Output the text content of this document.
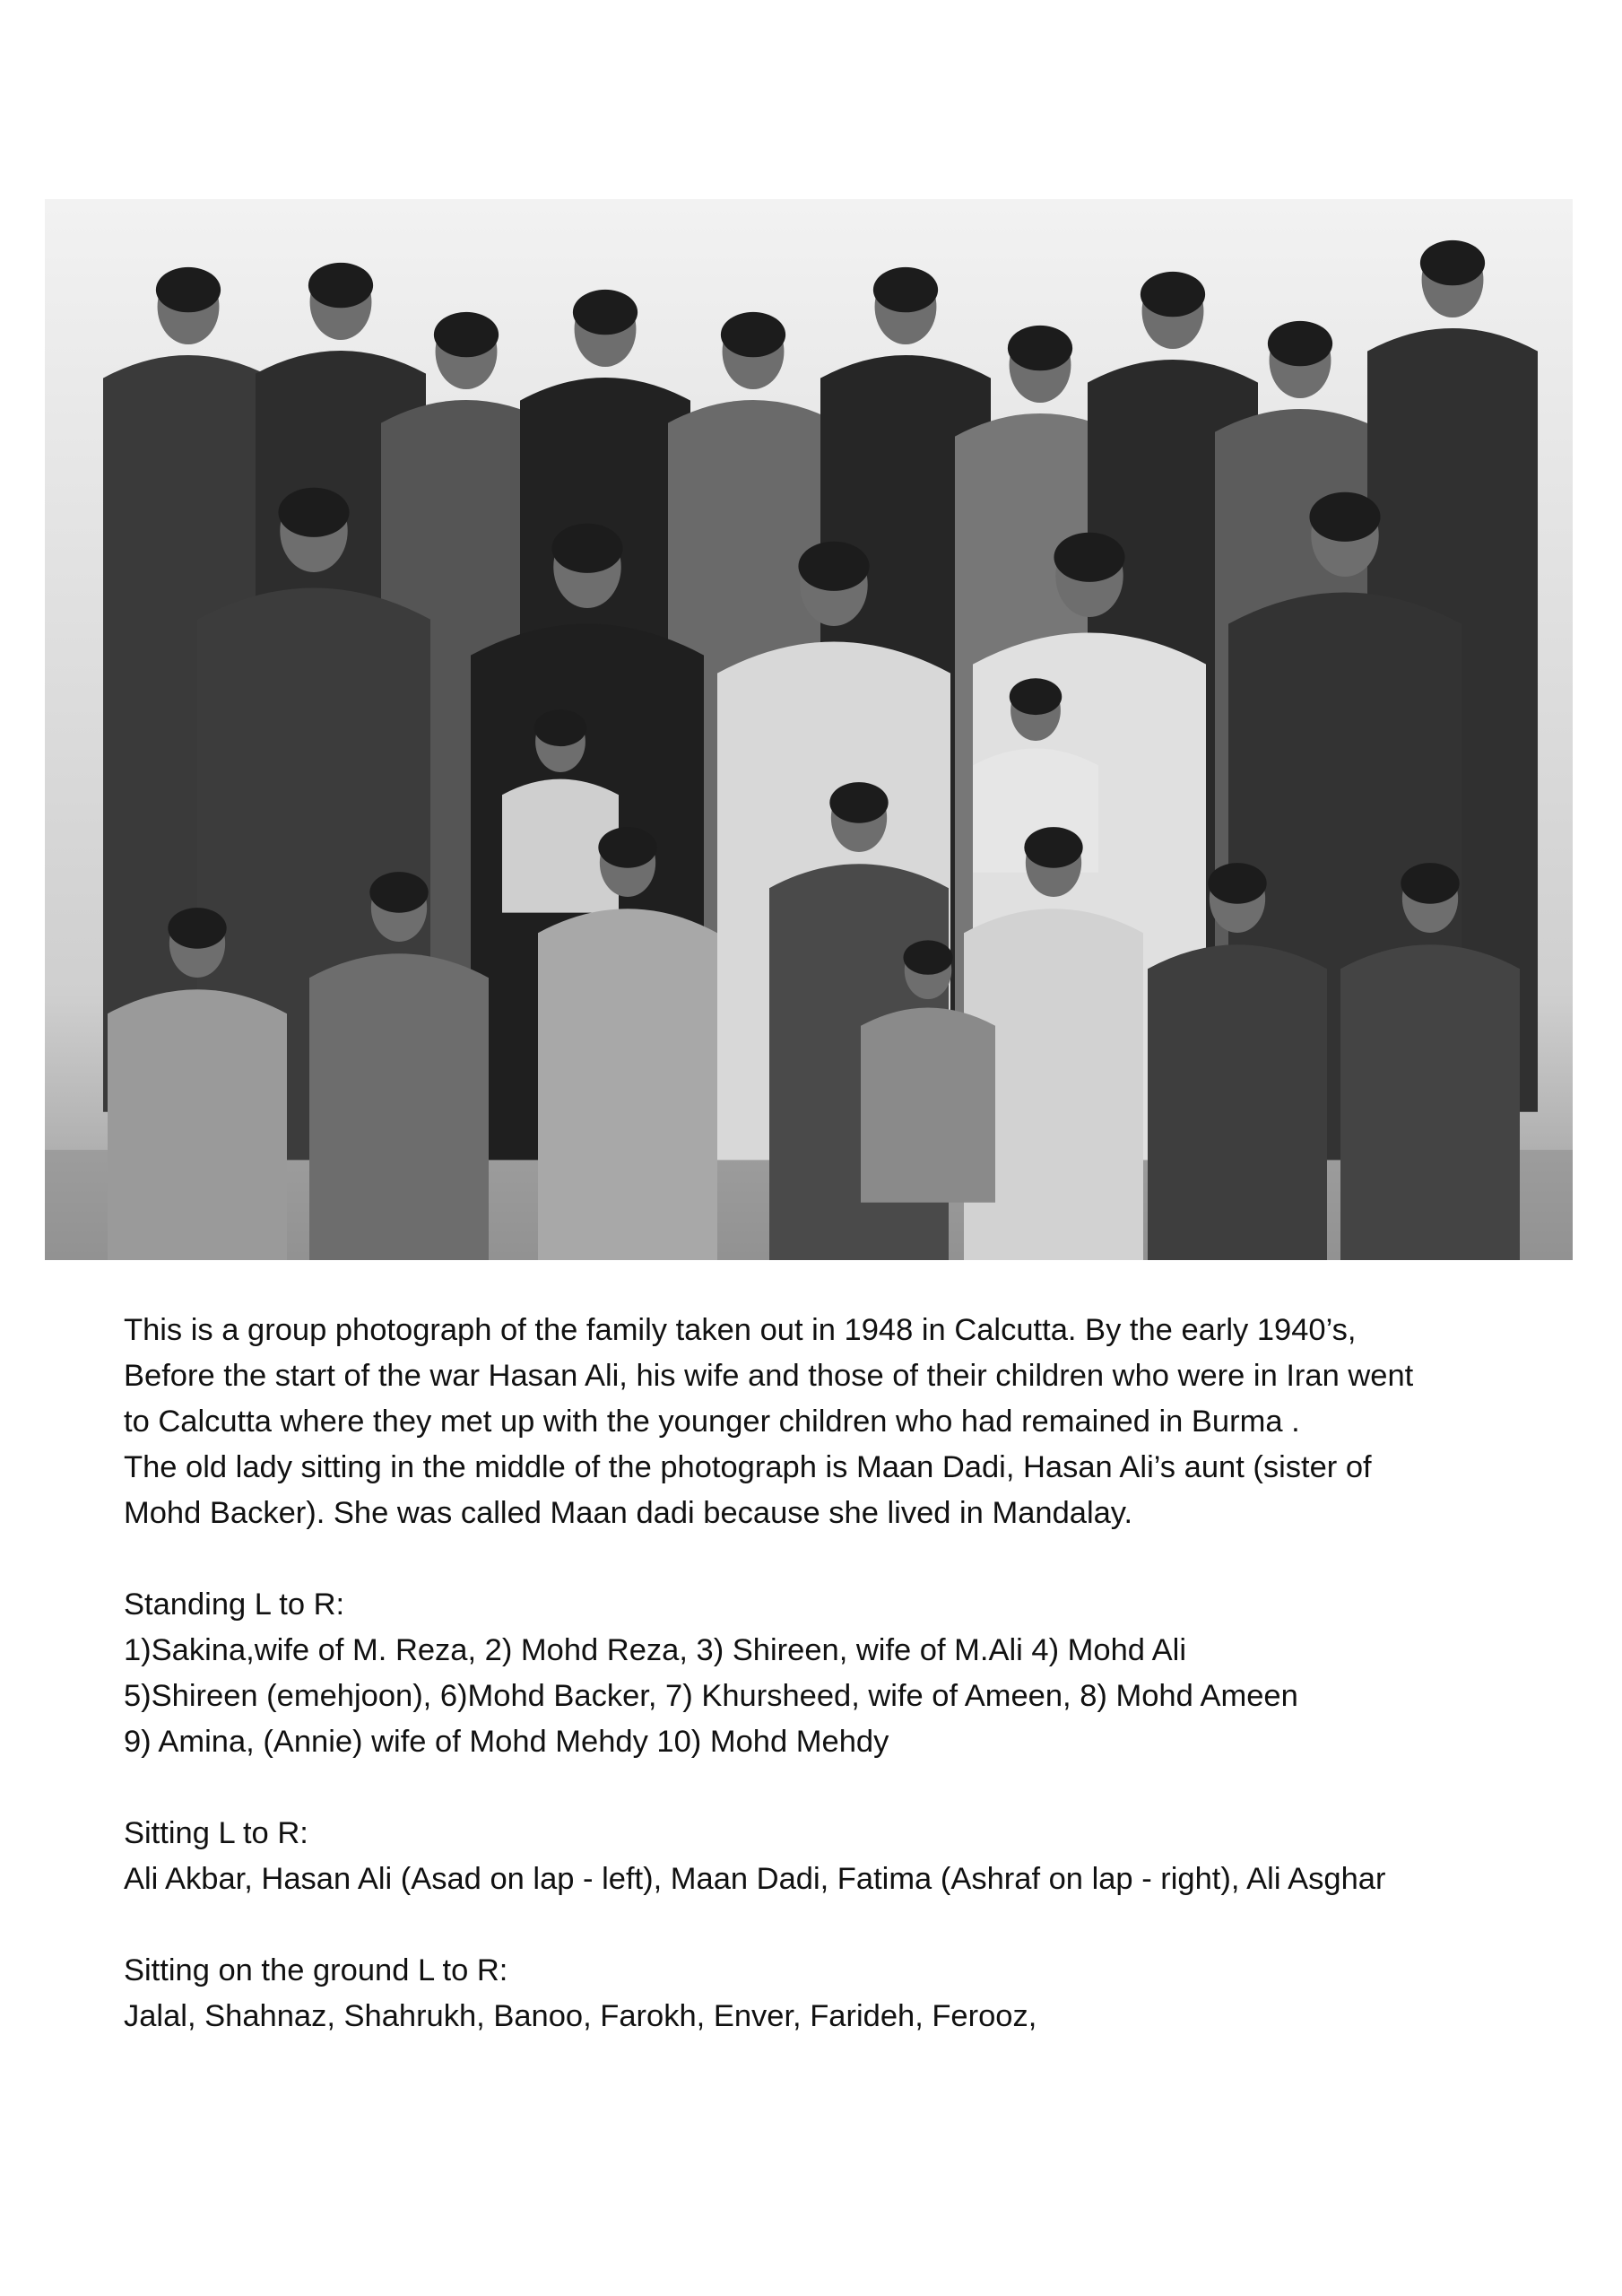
This is a group photograph of the family taken out in 1948 in Calcutta. By the early 1940’s,

Before the start of the war Hasan Ali, his wife and those of their children who were in Iran went

to Calcutta where they met up with the younger children who had remained in Burma .

The old lady sitting in the middle of the photograph is Maan Dadi, Hasan Ali’s aunt (sister of

Mohd Backer). She was called Maan dadi because she lived in Mandalay.

Standing L to R:

1)Sakina,wife of M. Reza, 2) Mohd Reza, 3) Shireen, wife of M.Ali 4) Mohd Ali

5)Shireen (emehjoon), 6)Mohd Backer, 7) Khursheed, wife of Ameen, 8) Mohd Ameen

9) Amina, (Annie) wife of Mohd Mehdy 10) Mohd Mehdy

Sitting L to R:

Ali Akbar, Hasan Ali (Asad on lap - left), Maan Dadi, Fatima (Ashraf on lap - right), Ali Asghar

Sitting on the ground L to R:

Jalal, Shahnaz, Shahrukh, Banoo, Farokh, Enver, Farideh, Ferooz,
